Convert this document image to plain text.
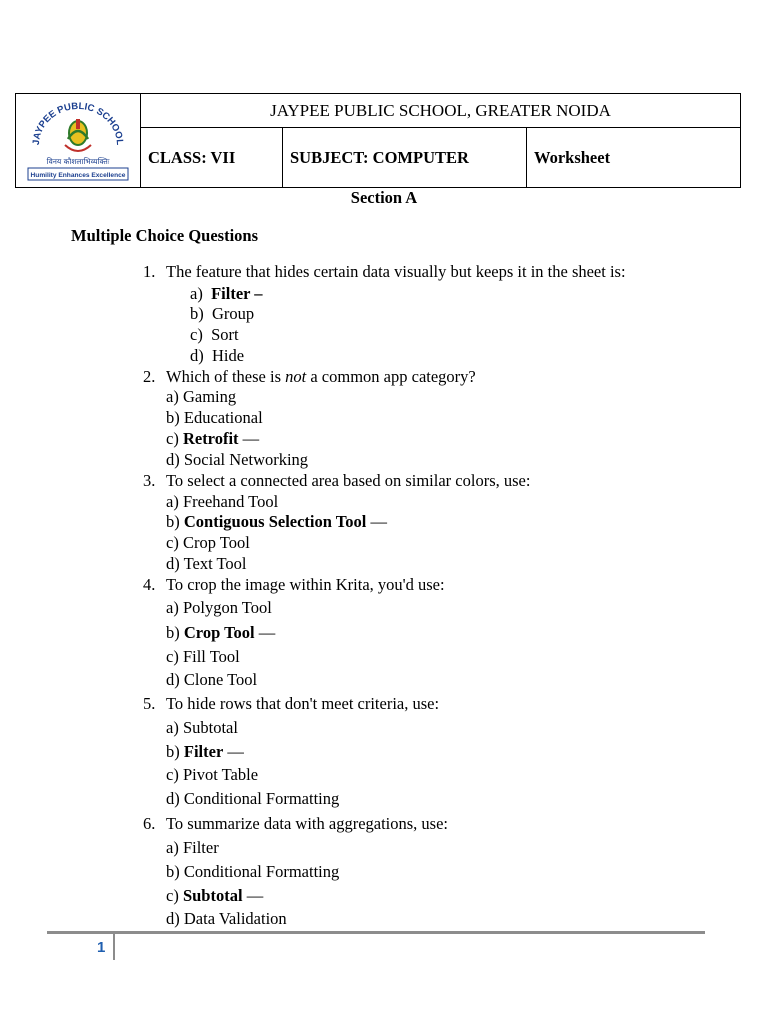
JAYPEE PUBLIC SCHOOL
विनय कौशलाभिव्यक्तिः
Humility Enhances Excellence	JAYPEE PUBLIC SCHOOL, GREATER NOIDA		
	CLASS: VII	SUBJECT: COMPUTER	Worksheet
Section A
Multiple Choice Questions
1. The feature that hides certain data visually but keeps it in the sheet is:
a) Filter –
b) Group
c) Sort
d) Hide
2. Which of these is not a common app category?
a) Gaming
b) Educational
c) Retrofit —
d) Social Networking
3. To select a connected area based on similar colors, use:
a) Freehand Tool
b) Contiguous Selection Tool —
c) Crop Tool
d) Text Tool
4. To crop the image within Krita, you'd use:
a) Polygon Tool
b) Crop Tool —
c) Fill Tool
d) Clone Tool
5. To hide rows that don't meet criteria, use:
a) Subtotal
b) Filter —
c) Pivot Table
d) Conditional Formatting
6. To summarize data with aggregations, use:
a) Filter
b) Conditional Formatting
c) Subtotal —
d) Data Validation
1
